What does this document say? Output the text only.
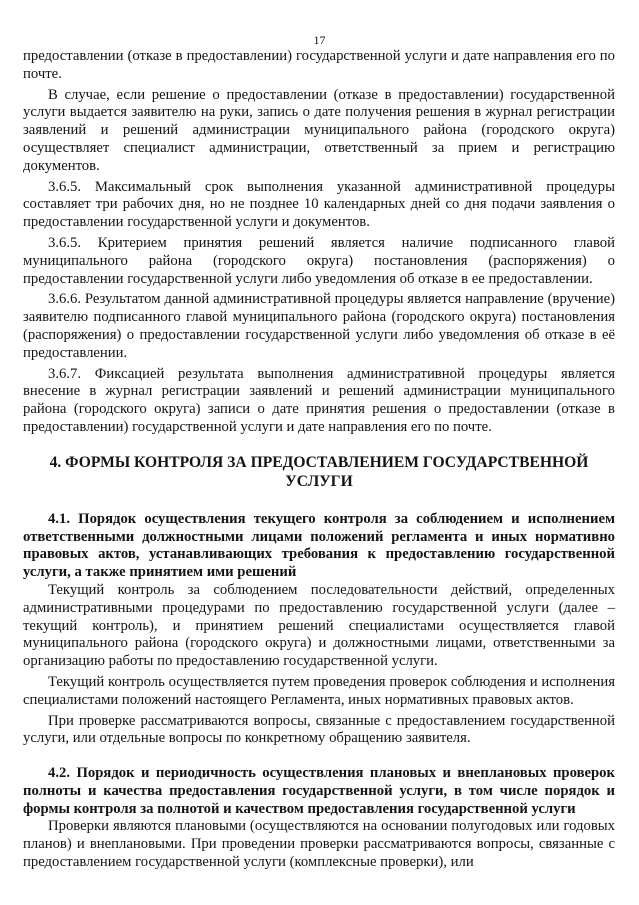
17

предоставлении (отказе в предоставлении) государственной услуги и дате направления его по почте.

В случае, если решение о предоставлении (отказе в предоставлении) государственной услуги выдается заявителю на руки, запись о дате получения решения в журнал регистрации заявлений и решений администрации муниципального района (городского округа) осуществляет специалист администрации, ответственный за прием и регистрацию документов.

3.6.5. Максимальный срок выполнения указанной административной процедуры составляет три рабочих дня, но не позднее 10 календарных дней со дня подачи заявления о предоставлении государственной услуги и документов.

3.6.5. Критерием принятия решений является наличие подписанного главой муниципального района (городского округа) постановления (распоряжения) о предоставлении государственной услуги либо уведомления об отказе в ее предоставлении.

3.6.6. Результатом данной административной процедуры является направление (вручение) заявителю подписанного главой муниципального района (городского округа) постановления (распоряжения) о предоставлении государственной услуги либо уведомления об отказе в её предоставлении.

3.6.7. Фиксацией результата выполнения административной процедуры является внесение в журнал регистрации заявлений и решений администрации муниципального района (городского округа) записи о дате принятия решения о предоставлении (отказе в предоставлении) государственной услуги и дате направления его по почте.

4. ФОРМЫ КОНТРОЛЯ ЗА ПРЕДОСТАВЛЕНИЕМ ГОСУДАРСТВЕННОЙ УСЛУГИ

4.1. Порядок осуществления текущего контроля за соблюдением и исполнением ответственными должностными лицами положений регламента и иных нормативно правовых актов, устанавливающих требования к предоставлению государственной услуги, а также принятием ими решений

Текущий контроль за соблюдением последовательности действий, определенных административными процедурами по предоставлению государственной услуги (далее – текущий контроль), и принятием решений специалистами осуществляется главой муниципального района (городского округа) и должностными лицами, ответственными за организацию работы по предоставлению государственной услуги.

Текущий контроль осуществляется путем проведения проверок соблюдения и исполнения специалистами положений настоящего Регламента, иных нормативных правовых актов.

При проверке рассматриваются вопросы, связанные с предоставлением государственной услуги, или отдельные вопросы по конкретному обращению заявителя.

4.2. Порядок и периодичность осуществления плановых и внеплановых проверок полноты и качества предоставления государственной услуги, в том числе порядок и формы контроля за полнотой и качеством предоставления государственной услуги

Проверки являются плановыми (осуществляются на основании полугодовых или годовых планов) и внеплановыми. При проведении проверки рассматриваются вопросы, связанные с предоставлением государственной услуги (комплексные проверки), или
